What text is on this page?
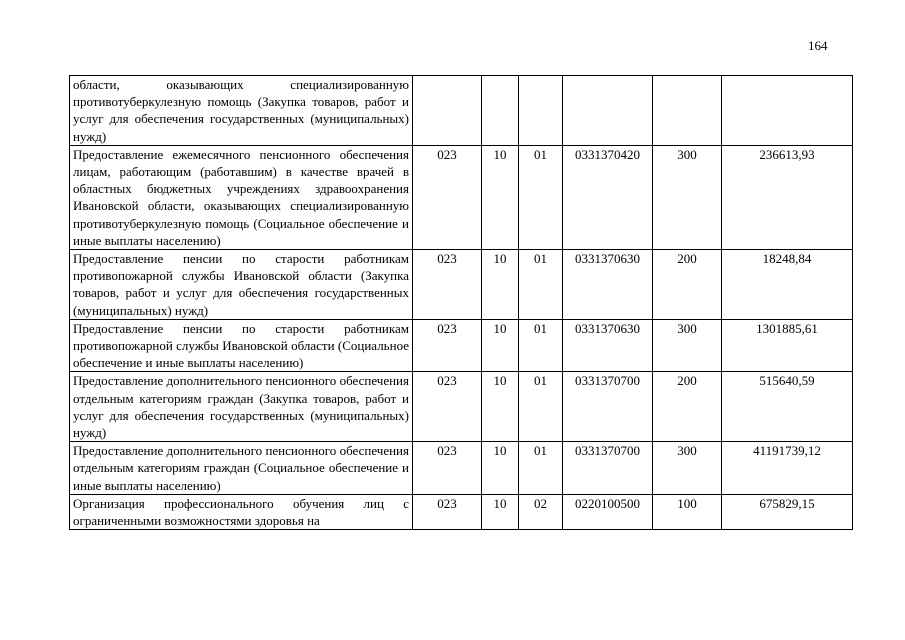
164
области, оказывающих специализированную противотуберкулезную помощь (Закупка товаров, работ и услуг для обеспечения государственных (муниципальных) нужд)						
Предоставление ежемесячного пенсионного обеспечения лицам, работающим (работавшим) в качестве врачей в областных бюджетных учреждениях здравоохранения Ивановской области, оказывающих специализированную противотуберкулезную помощь (Социальное обеспечение и иные выплаты населению)	023	10	01	0331370420	300	236613,93
Предоставление пенсии по старости работникам противопожарной службы Ивановской области (Закупка товаров, работ и услуг для обеспечения государственных (муниципальных) нужд)	023	10	01	0331370630	200	18248,84
Предоставление пенсии по старости работникам противопожарной службы Ивановской области (Социальное обеспечение и иные выплаты населению)	023	10	01	0331370630	300	1301885,61
Предоставление дополнительного пенсионного обеспечения отдельным категориям граждан (Закупка товаров, работ и услуг для обеспечения государственных (муниципальных) нужд)	023	10	01	0331370700	200	515640,59
Предоставление дополнительного пенсионного обеспечения отдельным категориям граждан (Социальное обеспечение и иные выплаты населению)	023	10	01	0331370700	300	41191739,12

Организация профессионального обучения лиц с ограниченными возможностями здоровья на	023	10	02	0220100500	100	675829,15
